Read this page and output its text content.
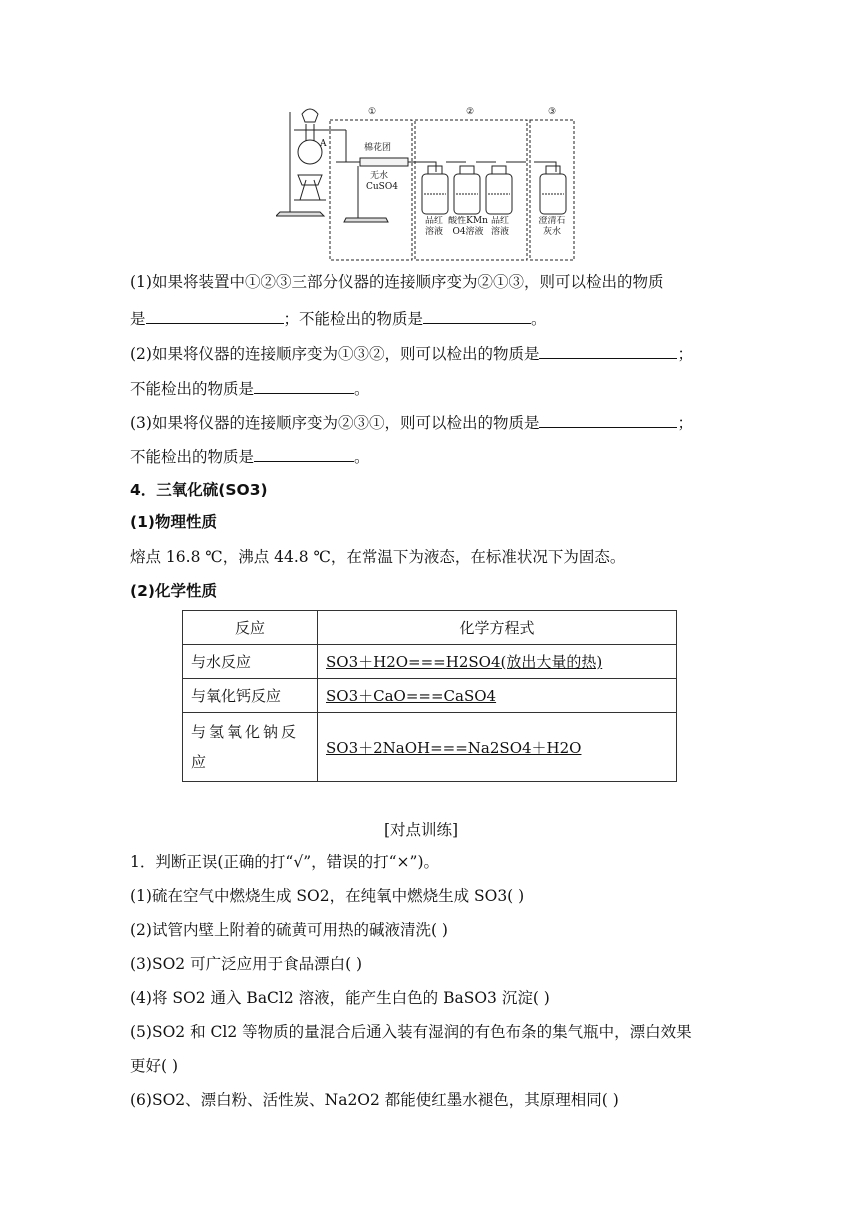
A
①	②	③
棉花团
无水
CuSO4
品红溶液
酸性KMnO4溶液
品红溶液
澄清石灰水
(1)如果将装置中①②③三部分仪器的连接顺序变为②①③，则可以检出的物质
是	；不能检出的物质是	。
(2)如果将仪器的连接顺序变为①③②，则可以检出的物质是	；
不能检出的物质是	。
(3)如果将仪器的连接顺序变为②③①，则可以检出的物质是	；
不能检出的物质是	。
4．三氧化硫(SO3)
(1)物理性质
熔点 16.8 ℃，沸点 44.8 ℃，在常温下为液态，在标准状况下为固态。
(2)化学性质
反应	化学方程式
与水反应	SO3＋H2O===H2SO4(放出大量的热)
与氧化钙反应	SO3＋CaO===CaSO4
与氢氧化钠反应	SO3＋2NaOH===Na2SO4＋H2O
[对点训练]
1．判断正误(正确的打“√”，错误的打“×”)。
(1)硫在空气中燃烧生成 SO2，在纯氧中燃烧生成 SO3( )
(2)试管内壁上附着的硫黄可用热的碱液清洗( )
(3)SO2 可广泛应用于食品漂白( )
(4)将 SO2 通入 BaCl2 溶液，能产生白色的 BaSO3 沉淀( )
(5)SO2 和 Cl2 等物质的量混合后通入装有湿润的有色布条的集气瓶中，漂白效果
更好( )
(6)SO2、漂白粉、活性炭、Na2O2 都能使红墨水褪色，其原理相同( )
